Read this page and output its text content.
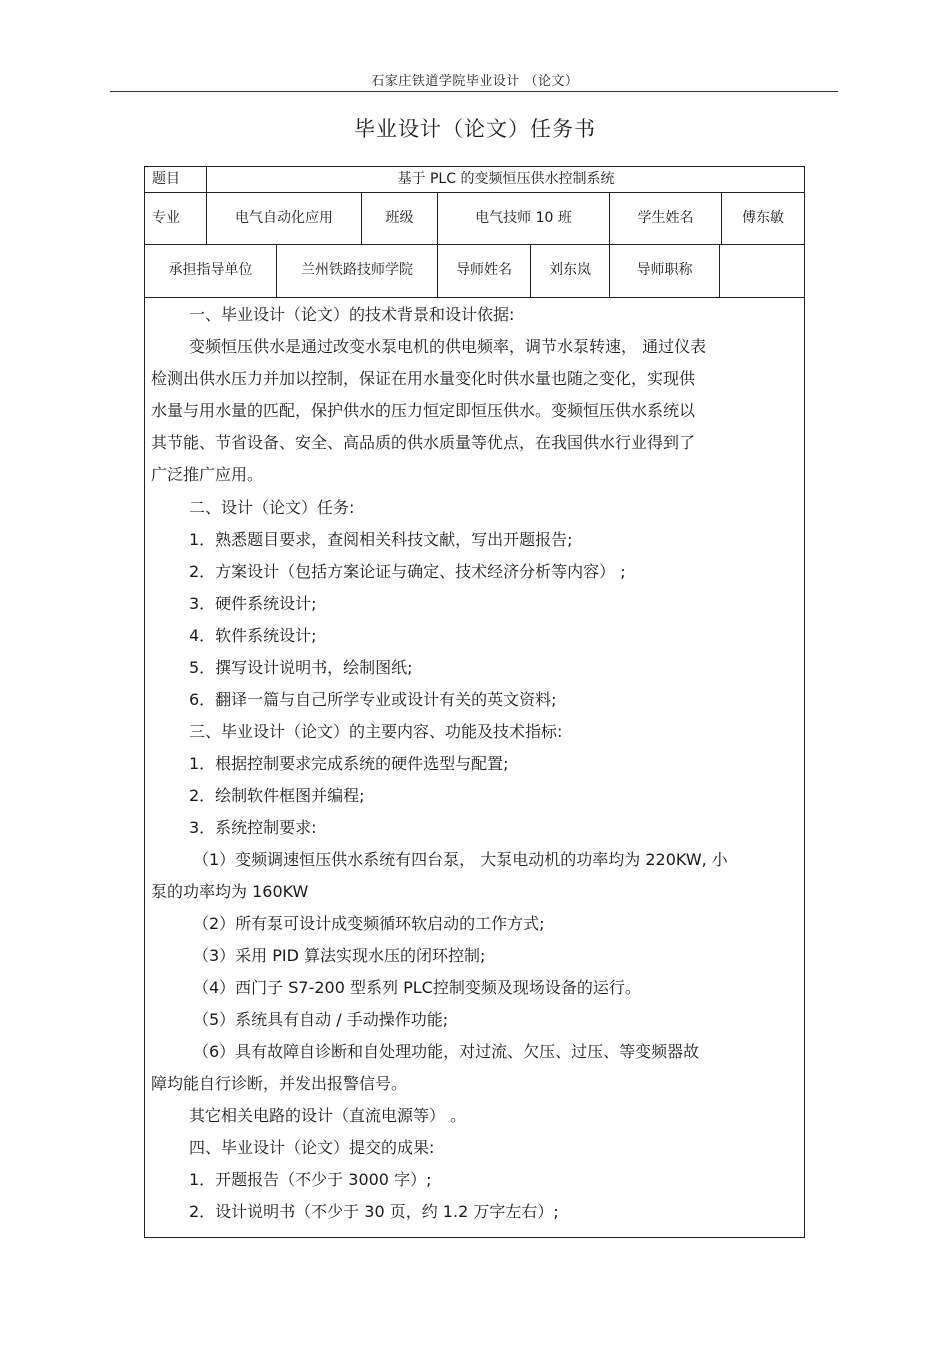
石家庄铁道学院毕业设计 （论文）
毕业设计（论文）任务书
题目	基于 PLC 的变频恒压供水控制系统
专业	电气自动化应用	班级	电气技师 10 班	学生姓名	傅东敏
承担指导单位	兰州铁路技师学院	导师姓名	刘东岚	导师职称
一、毕业设计（论文）的技术背景和设计依据:
变频恒压供水是通过改变水泵电机的供电频率，调节水泵转速， 通过仪表
检测出供水压力并加以控制，保证在用水量变化时供水量也随之变化，实现供
水量与用水量的匹配，保护供水的压力恒定即恒压供水。变频恒压供水系统以
其节能、节省设备、安全、高品质的供水质量等优点，在我国供水行业得到了
广泛推广应用。
二、设计（论文）任务:
1．熟悉题目要求，查阅相关科技文献，写出开题报告;
2．方案设计（包括方案论证与确定、技术经济分析等内容） ;
3．硬件系统设计;
4．软件系统设计;
5．撰写设计说明书，绘制图纸;
6．翻译一篇与自己所学专业或设计有关的英文资料;
三、毕业设计（论文）的主要内容、功能及技术指标:
1．根据控制要求完成系统的硬件选型与配置;
2．绘制软件框图并编程;
3．系统控制要求:
（1）变频调速恒压供水系统有四台泵， 大泵电动机的功率均为 220KW, 小
泵的功率均为 160KW
（2）所有泵可设计成变频循环软启动的工作方式;
（3）采用 PID 算法实现水压的闭环控制;
（4）西门子 S7-200 型系列 PLC控制变频及现场设备的运行。
（5）系统具有自动 / 手动操作功能;
（6）具有故障自诊断和自处理功能，对过流、欠压、过压、等变频器故
障均能自行诊断，并发出报警信号。
其它相关电路的设计（直流电源等） 。
四、毕业设计（论文）提交的成果:
1．开题报告（不少于 3000 字）;
2．设计说明书（不少于 30 页，约 1.2 万字左右）;
